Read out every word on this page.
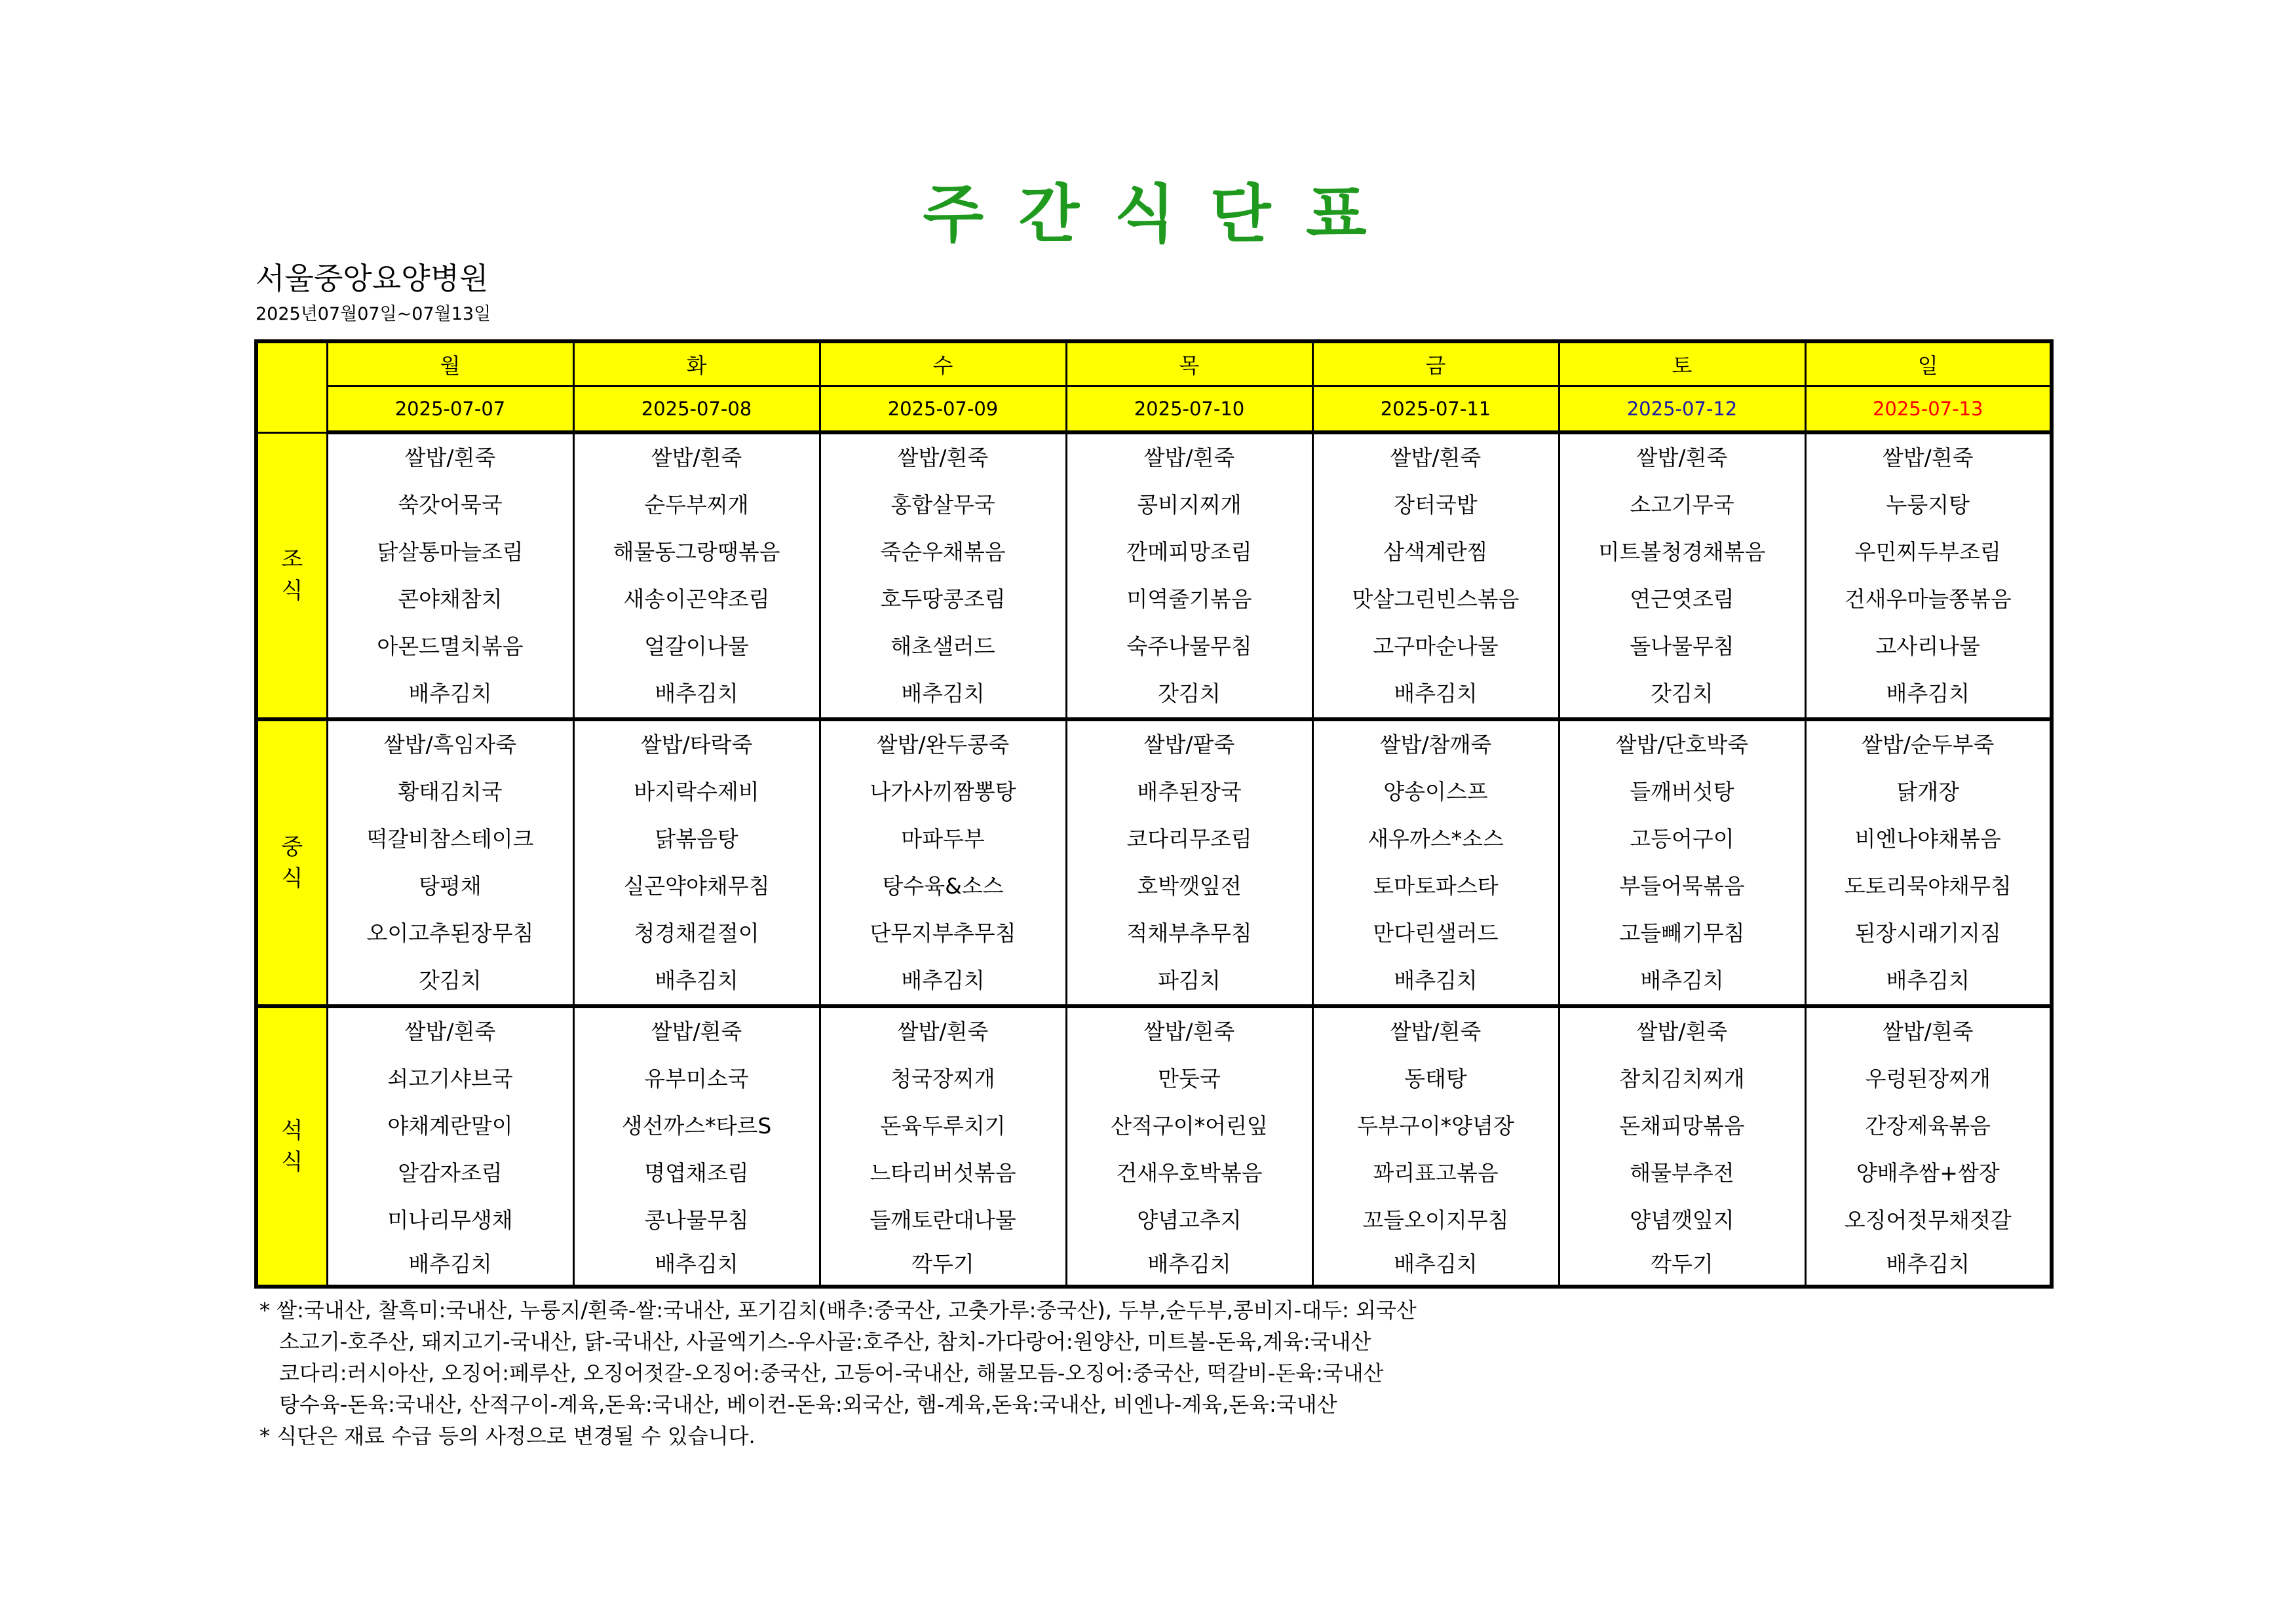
주 간 식 단 표
서울중앙요양병원
2025년07월07일~07월13일
	월	화	수	목	금	토	일
	2025-07-07	2025-07-08	2025-07-09	2025-07-10	2025-07-11	2025-07-12	2025-07-13

조
식	쌀밥/흰죽	쌀밥/흰죽	쌀밥/흰죽	쌀밥/흰죽	쌀밥/흰죽	쌀밥/흰죽	쌀밥/흰죽
	쑥갓어묵국	순두부찌개	홍합살무국	콩비지찌개	장터국밥	소고기무국	누룽지탕
	닭살통마늘조림	해물동그랑땡볶음	죽순우채볶음	깐메피망조림	삼색계란찜	미트볼청경채볶음	우민찌두부조림
	콘야채참치	새송이곤약조림	호두땅콩조림	미역줄기볶음	맛살그린빈스볶음	연근엿조림	건새우마늘쫑볶음
	아몬드멸치볶음	얼갈이나물	해초샐러드	숙주나물무침	고구마순나물	돌나물무침	고사리나물
	배추김치	배추김치	배추김치	갓김치	배추김치	갓김치	배추김치

중
식	쌀밥/흑임자죽	쌀밥/타락죽	쌀밥/완두콩죽	쌀밥/팥죽	쌀밥/참깨죽	쌀밥/단호박죽	쌀밥/순두부죽
	황태김치국	바지락수제비	나가사끼짬뽕탕	배추된장국	양송이스프	들깨버섯탕	닭개장
	떡갈비참스테이크	닭볶음탕	마파두부	코다리무조림	새우까스*소스	고등어구이	비엔나야채볶음
	탕평채	실곤약야채무침	탕수육&소스	호박깻잎전	토마토파스타	부들어묵볶음	도토리묵야채무침
	오이고추된장무침	청경채겉절이	단무지부추무침	적채부추무침	만다린샐러드	고들빼기무침	된장시래기지짐
	갓김치	배추김치	배추김치	파김치	배추김치	배추김치	배추김치

석
식	쌀밥/흰죽	쌀밥/흰죽	쌀밥/흰죽	쌀밥/흰죽	쌀밥/흰죽	쌀밥/흰죽	쌀밥/흰죽
	쇠고기샤브국	유부미소국	청국장찌개	만둣국	동태탕	참치김치찌개	우렁된장찌개
	야채계란말이	생선까스*타르S	돈육두루치기	산적구이*어린잎	두부구이*양념장	돈채피망볶음	간장제육볶음
	알감자조림	명엽채조림	느타리버섯볶음	건새우호박볶음	꽈리표고볶음	해물부추전	양배추쌈+쌈장
	미나리무생채	콩나물무침	들깨토란대나물	양념고추지	꼬들오이지무침	양념깻잎지	오징어젓무채젓갈
	배추김치	배추김치	깍두기	배추김치	배추김치	깍두기	배추김치
* 쌀:국내산, 찰흑미:국내산, 누룽지/흰죽-쌀:국내산, 포기김치(배추:중국산, 고춧가루:중국산), 두부,순두부,콩비지-대두: 외국산
소고기-호주산, 돼지고기-국내산, 닭-국내산, 사골엑기스-우사골:호주산, 참치-가다랑어:원양산, 미트볼-돈육,계육:국내산
코다리:러시아산, 오징어:페루산, 오징어젓갈-오징어:중국산, 고등어-국내산, 해물모듬-오징어:중국산, 떡갈비-돈육:국내산
탕수육-돈육:국내산, 산적구이-계육,돈육:국내산, 베이컨-돈육:외국산, 햄-계육,돈육:국내산, 비엔나-계육,돈육:국내산
* 식단은 재료 수급 등의 사정으로 변경될 수 있습니다.
